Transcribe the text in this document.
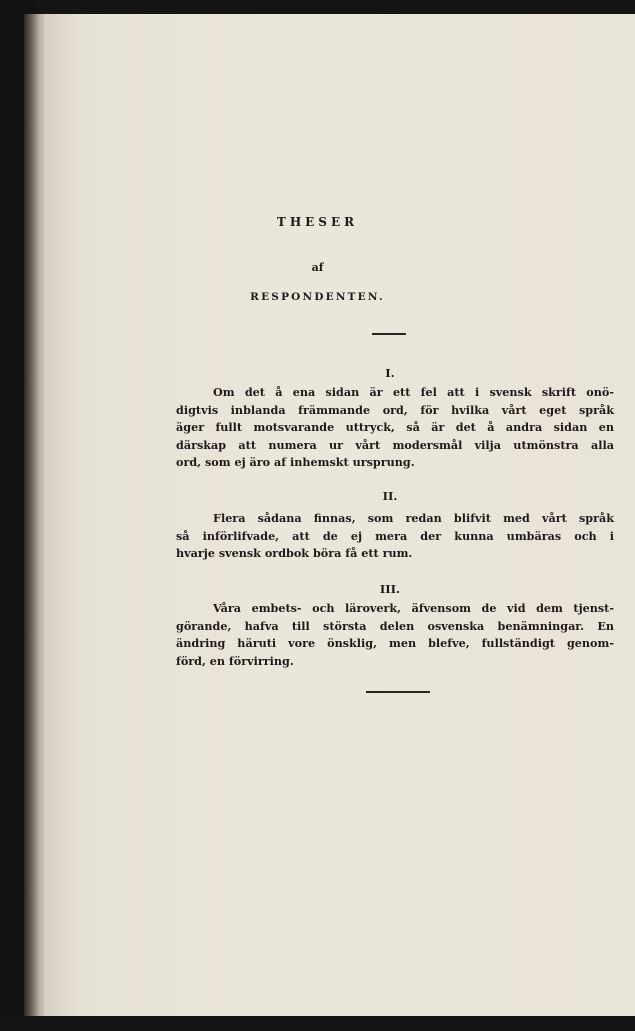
THESER
af
RESPONDENTEN.
I.
Om det å ena sidan är ett fel att i svensk skrift onö-
digtvis inblanda främmande ord, för hvilka vårt eget språk
äger fullt motsvarande uttryck, så är det å andra sidan en
därskap att numera ur vårt modersmål vilja utmönstra alla
ord, som ej äro af inhemskt ursprung.
II.
Flera sådana finnas, som redan blifvit med vårt språk
så införlifvade, att de ej mera der kunna umbäras och i
hvarje svensk ordbok böra få ett rum.
III.
Våra embets- och läroverk, äfvensom de vid dem tjenst-
görande, hafva till största delen osvenska benämningar. En
ändring häruti vore önsklig, men blefve, fullständigt genom-
förd, en förvirring.
